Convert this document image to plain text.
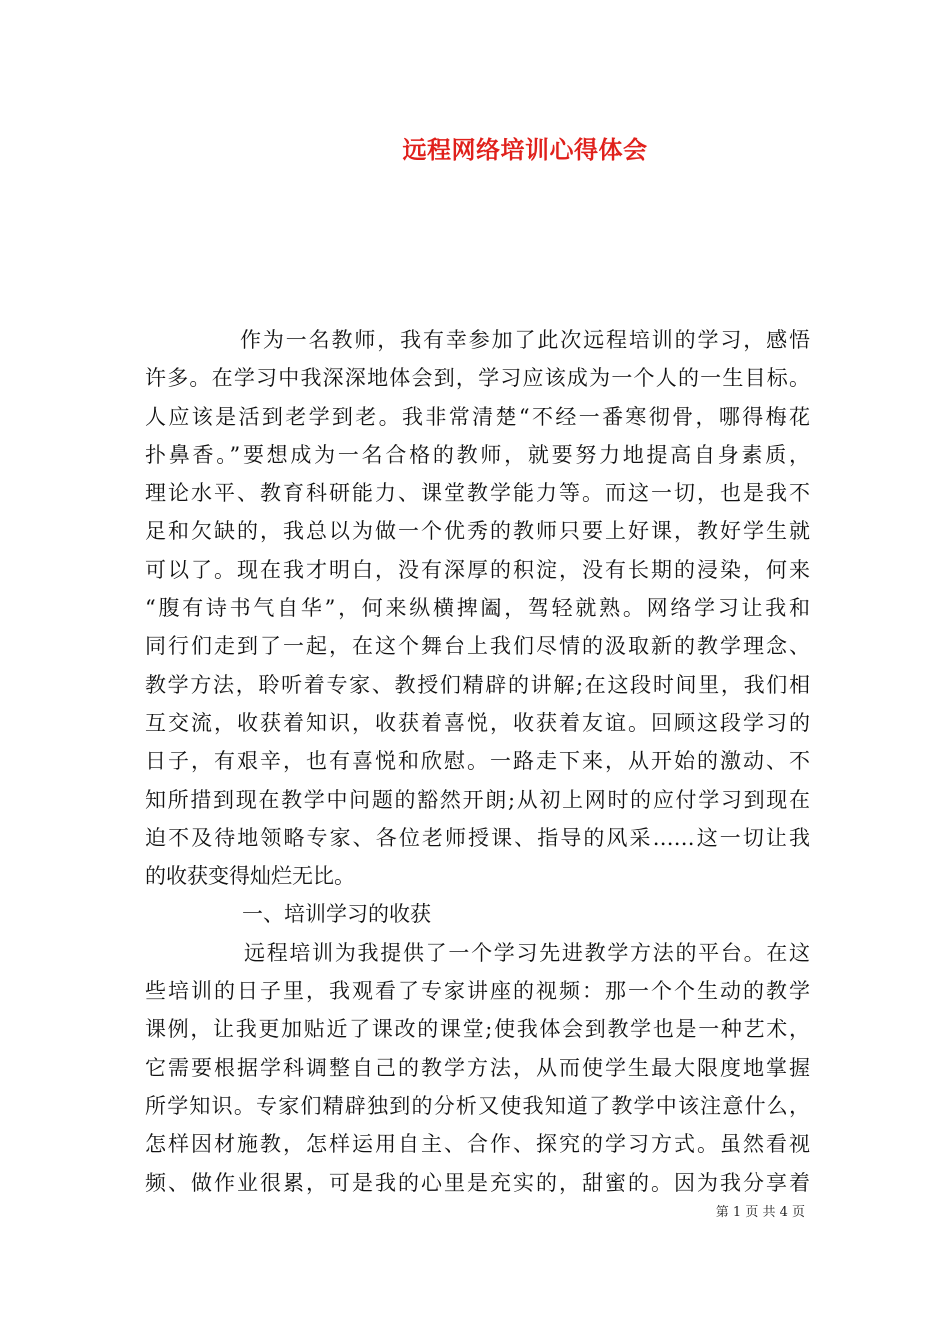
远程网络培训心得体会
作为一名教师，我有幸参加了此次远程培训的学习，感悟
许多。在学习中我深深地体会到，学习应该成为一个人的一生目标。
人应该是活到老学到老。我非常清楚“不经一番寒彻骨，哪得梅花
扑鼻香。”要想成为一名合格的教师，就要努力地提高自身素质，
理论水平、教育科研能力、课堂教学能力等。而这一切，也是我不
足和欠缺的，我总以为做一个优秀的教师只要上好课，教好学生就
可以了。现在我才明白，没有深厚的积淀，没有长期的浸染，何来
“腹有诗书气自华”，何来纵横捭阖，驾轻就熟。网络学习让我和
同行们走到了一起，在这个舞台上我们尽情的汲取新的教学理念、
教学方法，聆听着专家、教授们精辟的讲解;在这段时间里，我们相
互交流，收获着知识，收获着喜悦，收获着友谊。回顾这段学习的
日子，有艰辛，也有喜悦和欣慰。一路走下来，从开始的激动、不
知所措到现在教学中问题的豁然开朗;从初上网时的应付学习到现在
迫不及待地领略专家、各位老师授课、指导的风采……这一切让我
的收获变得灿烂无比。
一、培训学习的收获
远程培训为我提供了一个学习先进教学方法的平台。在这
些培训的日子里，我观看了专家讲座的视频：那一个个生动的教学
课例，让我更加贴近了课改的课堂;使我体会到教学也是一种艺术，
它需要根据学科调整自己的教学方法，从而使学生最大限度地掌握
所学知识。专家们精辟独到的分析又使我知道了教学中该注意什么，
怎样因材施教，怎样运用自主、合作、探究的学习方式。虽然看视
频、做作业很累，可是我的心里是充实的，甜蜜的。因为我分享着
第 1 页 共 4 页
